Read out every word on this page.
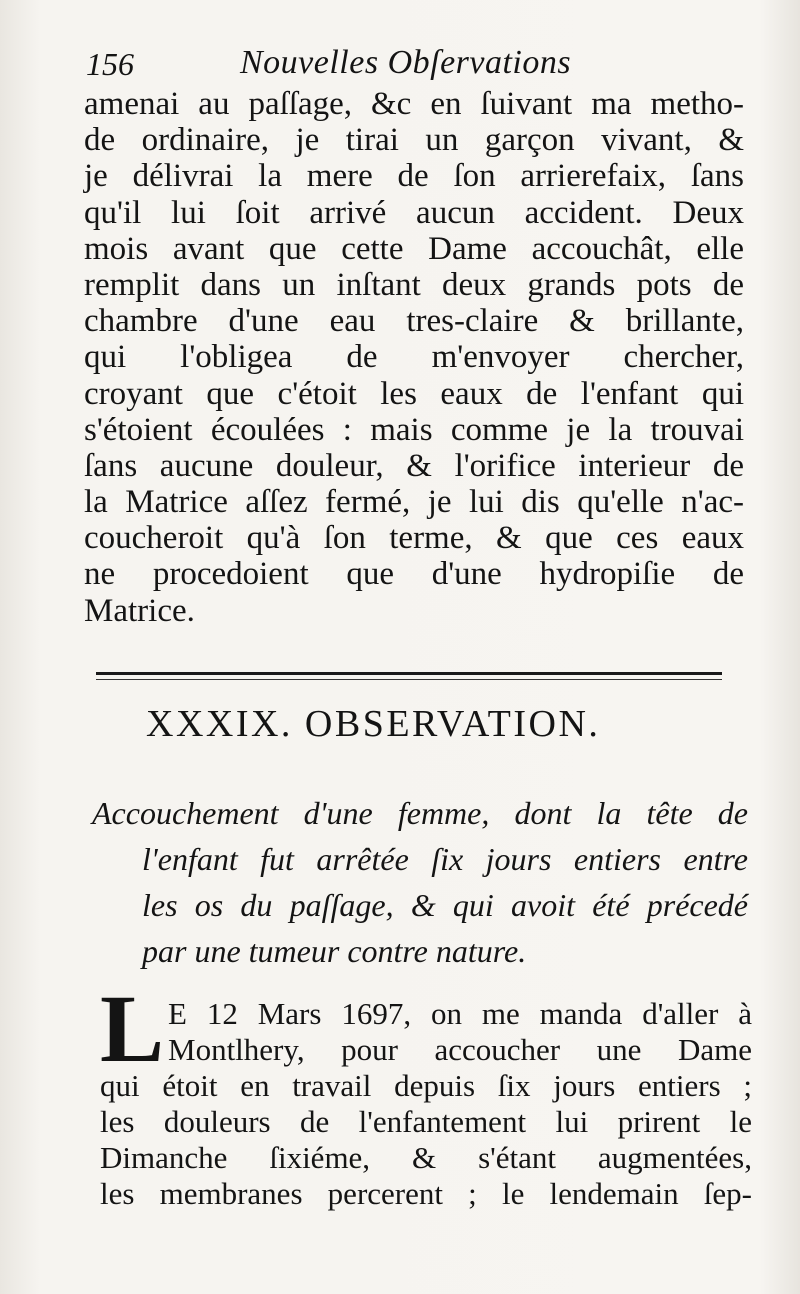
156	Nouvelles Obſervations
amenai au paſſage, &c en ſuivant ma metho-
de ordinaire, je tirai un garçon vivant, &
je délivrai la mere de ſon arrierefaix, ſans
qu'il lui ſoit arrivé aucun accident. Deux
mois avant que cette Dame accouchât, elle
remplit dans un inſtant deux grands pots de
chambre d'une eau tres-claire & brillante,
qui l'obligea de m'envoyer chercher,
croyant que c'étoit les eaux de l'enfant qui
s'étoient écoulées : mais comme je la trouvai
ſans aucune douleur, & l'orifice interieur de
la Matrice aſſez fermé, je lui dis qu'elle n'ac-
coucheroit qu'à ſon terme, & que ces eaux
ne procedoient que d'une hydropiſie de
Matrice.
XXXIX. OBSERVATION.
Accouchement d'une femme, dont la tête de
l'enfant fut arrêtée ſix jours entiers entre
les os du paſſage, & qui avoit été précedé
par une tumeur contre nature.
L E 12 Mars 1697, on me manda d'aller à
Montlhery, pour accoucher une Dame
qui étoit en travail depuis ſix jours entiers ;
les douleurs de l'enfantement lui prirent le
Dimanche ſixiéme, & s'étant augmentées,
les membranes percerent ; le lendemain ſep-
